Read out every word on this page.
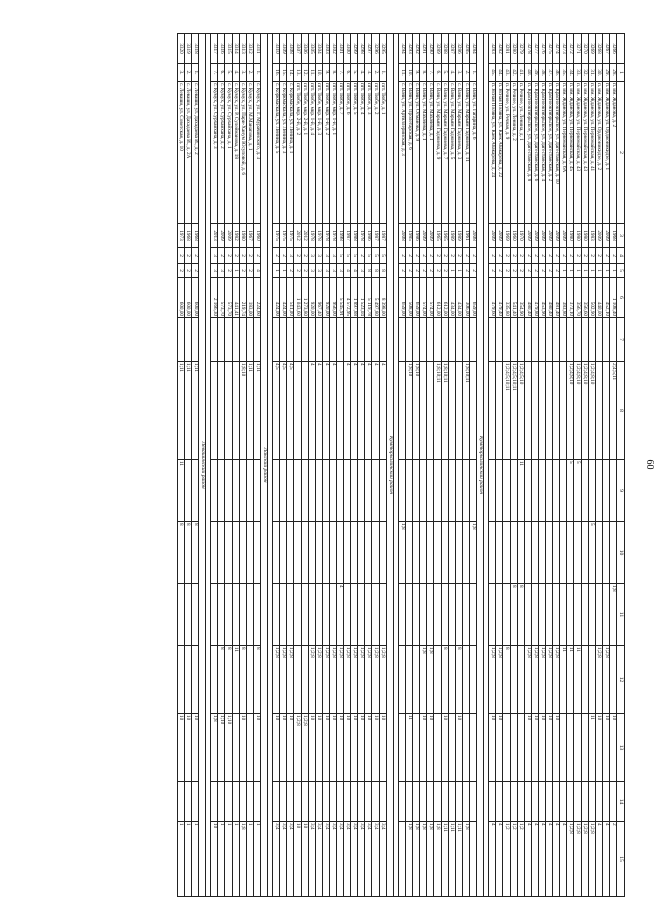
60
	1	2	3	4	5	6	7	8	9	10	11	12	13	14	15
3266	28.	п. им. Жданова, д. 2	1968	2	1	1 108,40		2;4;5;11			1;8		10		2
3267	29.	п. им. Жданова, ул. Орджоникидзе, д. 1	2009	2	1	452,10						1;2;8	10		4
3268	30.	п. им. Жданова, ул. Орджоникидзе, д. 2	2009	2	1	440,00						1;2;8	10		4
3269	31.	п. им. Жданова, ул. Первомайская, д. 41	1983	2	1	502,90		1;2;4;8;10		5			11		1;2;8
3270	32.	п. им. Жданова, ул. Первомайская, д. 43	1980	2	1	356,60		1;2;4;8;10							1;2;8
3271	33.	п. им. Жданова, ул. Первомайская, д. 43	1980	2	1	356,70		1;2;4;8;10	5			11			1;2;8
3272	34.	п. им. Жданова, ул. Первомайская, д. 45	1980	2	1	373,10		1;2;4;8;10	5			11			1;2;8
3273	35.	п. им. Жданова, ул. Первомайская, д. 6А	2009	2	1	383,80						11			4
3274	36.	п. Краснооктябрьское, ул. Дагестанская, д. 10	2009	2	2	481,40						1;2;8	10		4
3275	37.	п. Краснооктябрьское, ул. Дагестанская, д. 2	2009	2	2	480,40						1;2;8	10		4
3276	38.	п. Краснооктябрьское, ул. Дагестанская, д. 4	2009	2	2	453,90						1;2;8	10		4
3277	39.	п. Краснооктябрьское, ул. Дагестанская, д. 6	2009	2	2	479,80						1;2;8	10		4
3278	40.	п. Краснооктябрьское, ул. Дагестанская, д. 8	2009	2	2	480,40						1;2;8	10		4
3279	41.	п. Речное, ул. Ленина, д. 1	1970	2	2	354,90		1;2;4;5;10	11		8				1;2
3280	42.	п. Речное, ул. Ленина, д. 2	1960	2	2	541,40		1;2;4;5;10;11			8				1;2
3281	43.	п. Речное, ул. Речная, д. 9	1969	2	2	335,80		1;2;4;5;10;11				8			1;2
3282	44.	п. Ясная Поляна, ул. Каек Абакарова, д. 22	2009	2	2	479,40						1;2;8	10		4
3283	45.	п. Ясная Поляна, ул. Каек Абакарова, д. 24	2009	2	2	479,60						1;2;8	10		4

Кумторкалинский район															
3284	1.	с. Вачи, ул. Гагарина, д. 6	2008	2	2	659,00				1;8					
3285	2.	с. Вачи, ул. Марьям Гаджиева, д. 11	1961	2	2	306,00		1;8;10;11							1;8
3286	3.	с. Вачи, ул. Марьям Гаджиева, д. 3	1989	2	1	434,00						8	10		1;11
3287	4.	с. Вачи, ул. Марьям Гаджиева, д. 5	1989	2	1	434,00									1;11
3288	5.	с. Вачи, ул. Марьям Гаджиева, д. 7	1965	2	2	612,00		1;8;10;11				8	10		1;11
3289	6.	с. Вачи, ул. Марьям Гаджиева, д. 9	1965	2	2	612,00		1;8;10;11							1;8
3290	7.	с. Вачи, ул. Махачева, д. 1	2009	2	2	574,00						1;8	10		1;8
3291	8.	с. Вачи, ул. Махачева, д. 1	2009	2	2	574,00						1;8	10		1;8
3292	9.	с. Вачи, ул. Османова, д. 9	1986	2	2	659,00		1;8;10							1;8
3293	10.	с. Вачи, ул. Пролетарская, д. 6	1985	2	2	508,00		1;8;10					11		1;8
3294	11.	с. Вачи, ул. Артиллерийская, д. 3	2008	2	2	659,00				1;8					

Кумторкалинский район															
3295	1.	пгт. Тюбе, д. 1	1987	5	8	8 398,00		4				1;2;8	10		3;4
3296	2.	пгт. Тюбе, д. 2	1987	5	8	5 497,80		4				1;2;8	10		3;4
3297	3.	пгт. Тюбе, д. 3	1986	5	8	5 119,78		4				1;2;8	10		3;4
3298	4.	пгт. Тюбе, д. 4	1978	2	3	1 523,04		4				1;2;8	10		3;4
3299	5.	пгт. Тюбе, д. 5	1988	5	4	1 897,88		4				1;2;8	10		3;4
3300	6.	пгт. Тюбе, д. 6	1987	5	4	4 572,95		4				1;2;8	10		3;4
3301	7.	пгт. Тюбе, д. 7	1998	5	3	5 545,91					4	1;2;8	10		3;4
3302	8.	пгт. Тюбе, мкр. 1-й, д. 1	1978	3	3	956,00		4				1;2;8	10		3;4
3303	9.	пгт. Тюбе, мкр. 1-й, д. 2	1978	3	3	920,00		4				1;2;8	10		3;4
3304	10.	пгт. Тюбе, мкр. 1-й, д. 3	1978	3	3	967,40		4				1;2;8	10		3;4
3305	11.	пгт. Тюбе, мкр. 1-й, д. 4	1978	3	3	920,00		4				1;2;8	10		3;4
3306	12.	пгт. Тюбе, мкр. 2-й, д. 1	2012	2	2	1 273,80							1;2;8		10
3307	13.	пгт. Тюбе, мкр. 2-й, д. 2	2012	2	2	1 043,60							1;2;8		10
3308	14.	с. Коркмаскала, ул. Ленина, д. 1	1975	3	2	511,00		4;5				1;2;8	10		3;4
3309	15.	с. Коркмаскала, ул. Ленина, д. 3	1975	2	1	424,00		4;5				1;2;8	10		3;4
3310	16.	с. Коркмаскала, ул. Ленина, д. 5	1975	2	1	424,00		4;5				1;2;8	10		3;4

Лакский район															
3311	1.	с. Кумух, ул. Г. Мурачинского, д. 3	1960	2	4	224,60		1;11				8	10		1
3312	2.	с. Кумух, ул. М.Манапова, д. 1	1967	2	2	183,00		1;11							1
3313	3.	с. Кумух, ул. Пари-Ханум Юсуповой, д. 6	1980	2	2	219,74		1;8;10				8	10		1;8
3314	4.	с. Кумух, ул. Р. Сулейманова, д. 18	1982	2	1	441,41						11			1
3315	5.	с. Кумух, ул. Сурхайхана, д. 1	2009	2	2	573,70						8	1;10		1
3316	6.	с. Кумух, ул. Сурхайхана, д. 2	2009	2	3	573,70						8	1;10		1
3317	7.	с. Кумух, ул. Сурхайхана, д. 3	2013	3	3	2 166,30							1;8		10

Левашинский район															
3318	1.	с. Леваши, ул. Дахадаева И., д. 2	1968	2	2	600,00		1;11		8			10		1
3319	2.	с. Леваши, ул. Дахадаева И., д. 2А	1968	2	2	600,00		1;11		8			10		1
3320	3.	с. Леваши, ул. Советская, д. 10	1973	2	2	600,00		1;11	11	8			10		1
